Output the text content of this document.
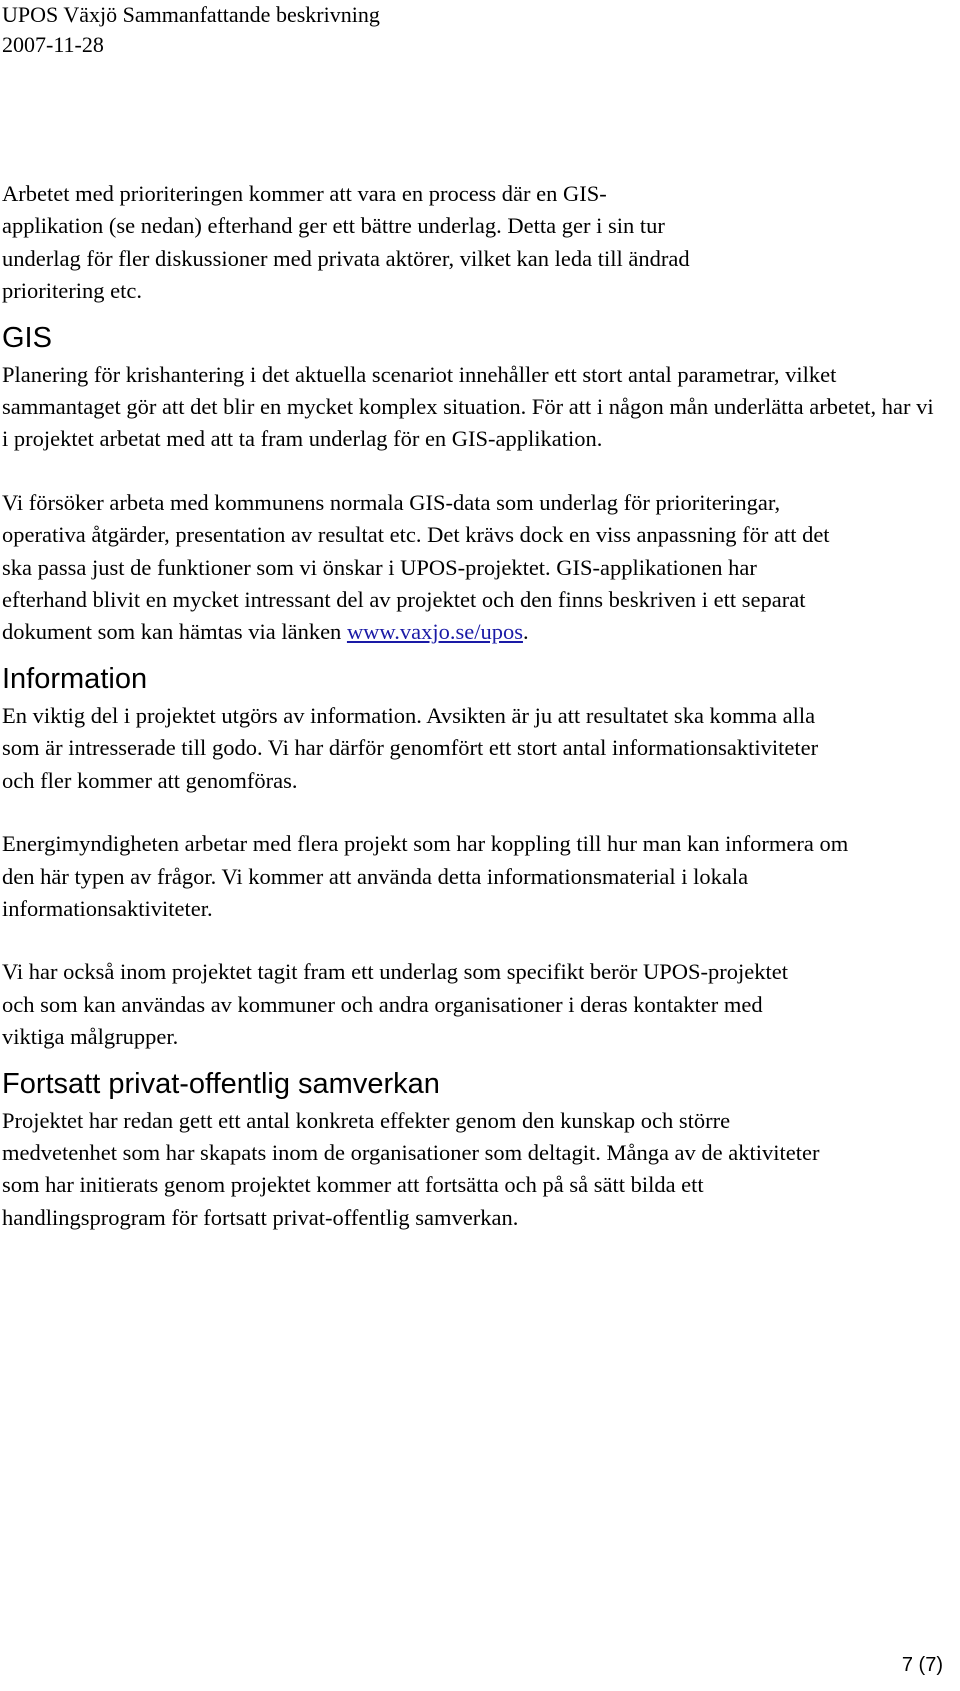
UPOS Växjö Sammanfattande beskrivning
2007-11-28

Arbetet med prioriteringen kommer att vara en process där en GIS-applikation (se nedan) efterhand ger ett bättre underlag. Detta ger i sin tur underlag för fler diskussioner med privata aktörer, vilket kan leda till ändrad prioritering etc.

GIS

Planering för krishantering i det aktuella scenariot innehåller ett stort antal parametrar, vilket sammantaget gör att det blir en mycket komplex situation. För att i någon mån underlätta arbetet, har vi i projektet arbetat med att ta fram underlag för en GIS-applikation.

Vi försöker arbeta med kommunens normala GIS-data som underlag för prioriteringar, operativa åtgärder, presentation av resultat etc. Det krävs dock en viss anpassning för att det ska passa just de funktioner som vi önskar i UPOS-projektet. GIS-applikationen har efterhand blivit en mycket intressant del av projektet och den finns beskriven i ett separat dokument som kan hämtas via länken www.vaxjo.se/upos.

Information

En viktig del i projektet utgörs av information. Avsikten är ju att resultatet ska komma alla som är intresserade till godo. Vi har därför genomfört ett stort antal informationsaktiviteter och fler kommer att genomföras.

Energimyndigheten arbetar med flera projekt som har koppling till hur man kan informera om den här typen av frågor. Vi kommer att använda detta informationsmaterial i lokala informationsaktiviteter.

Vi har också inom projektet tagit fram ett underlag som specifikt berör UPOS-projektet och som kan användas av kommuner och andra organisationer i deras kontakter med viktiga målgrupper.

Fortsatt privat-offentlig samverkan

Projektet har redan gett ett antal konkreta effekter genom den kunskap och större medvetenhet som har skapats inom de organisationer som deltagit. Många av de aktiviteter som har initierats genom projektet kommer att fortsätta och på så sätt bilda ett handlingsprogram för fortsatt privat-offentlig samverkan.

7 (7)
